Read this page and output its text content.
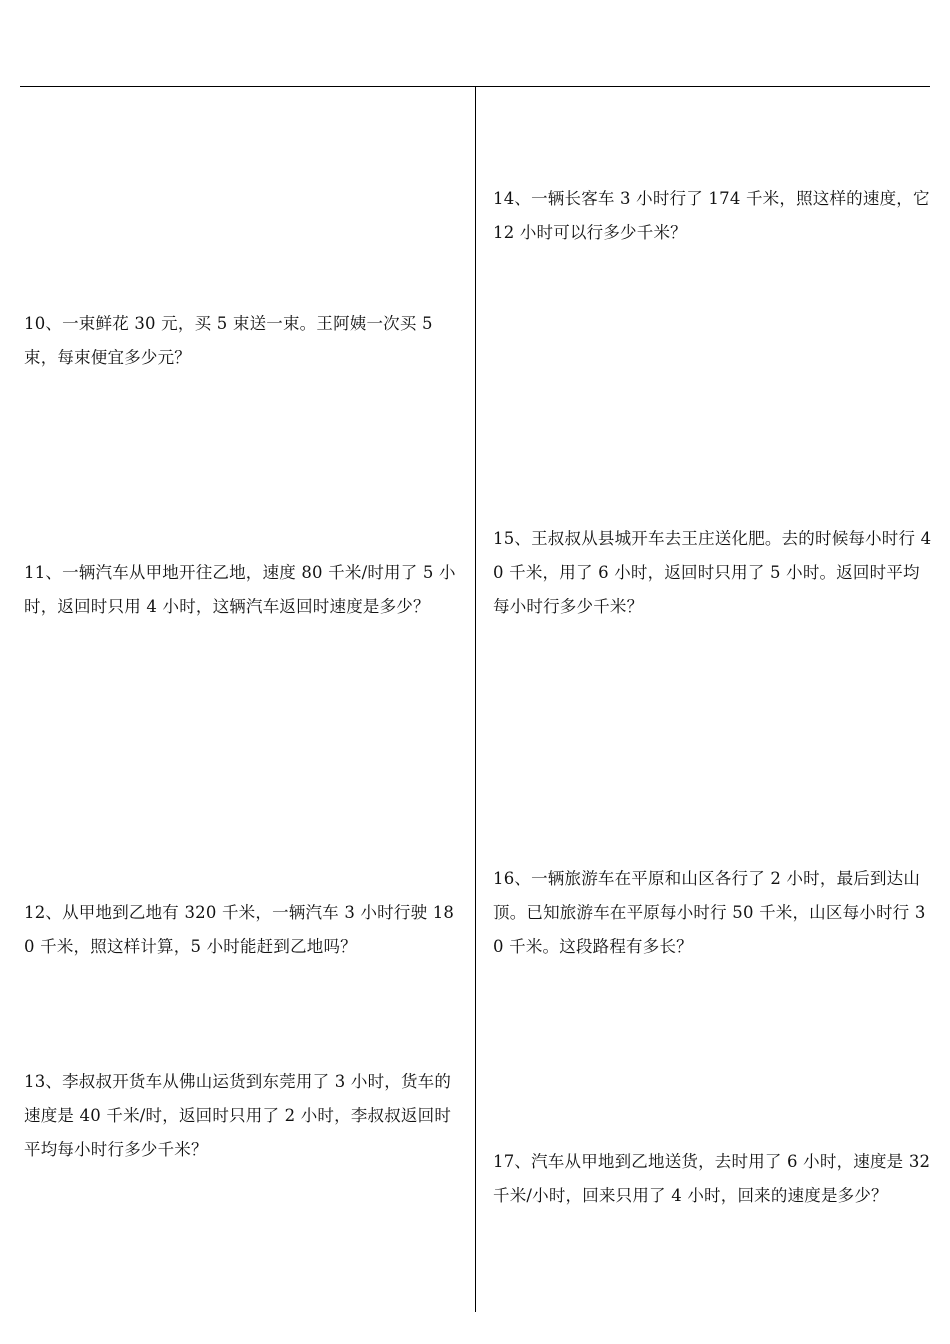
10、一束鲜花 30 元，买 5 束送一束。王阿姨一次买 5 束，每束便宜多少元？

11、一辆汽车从甲地开往乙地，速度 80 千米/时用了 5 小时，返回时只用 4 小时，这辆汽车返回时速度是多少？

12、从甲地到乙地有 320 千米，一辆汽车 3 小时行驶 180 千米，照这样计算，5 小时能赶到乙地吗？

13、李叔叔开货车从佛山运货到东莞用了 3 小时，货车的速度是 40 千米/时，返回时只用了 2 小时，李叔叔返回时平均每小时行多少千米？

14、一辆长客车 3 小时行了 174 千米，照这样的速度，它 12 小时可以行多少千米？

15、王叔叔从县城开车去王庄送化肥。去的时候每小时行 40 千米，用了 6 小时，返回时只用了 5 小时。返回时平均每小时行多少千米？

16、一辆旅游车在平原和山区各行了 2 小时，最后到达山顶。已知旅游车在平原每小时行 50 千米，山区每小时行 30 千米。这段路程有多长？

17、汽车从甲地到乙地送货，去时用了 6 小时，速度是 32 千米/小时，回来只用了 4 小时，回来的速度是多少？
